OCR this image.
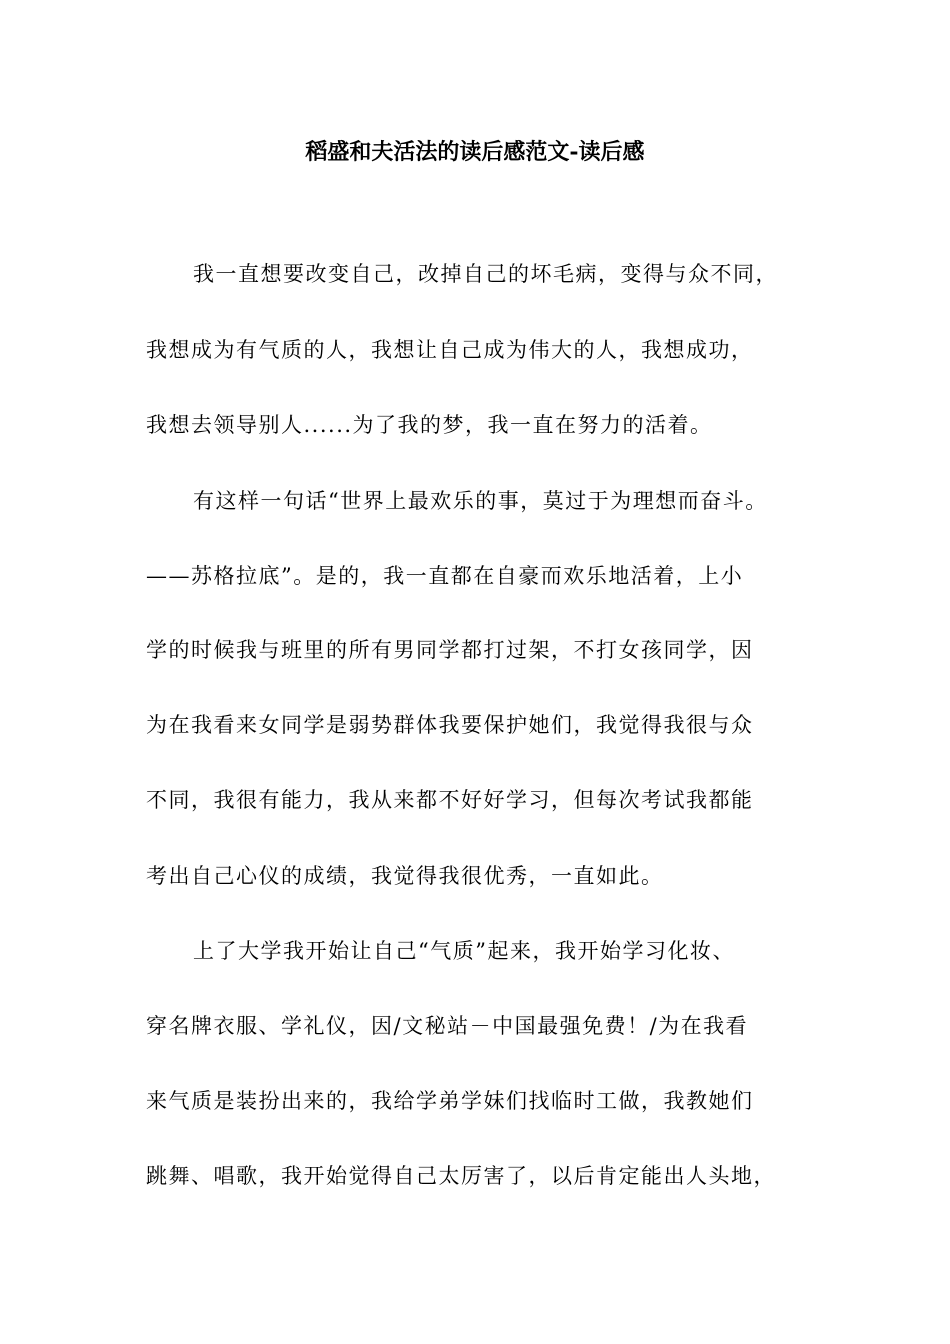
稻盛和夫活法的读后感范文-读后感
我一直想要改变自己，改掉自己的坏毛病，变得与众不同，
我想成为有气质的人，我想让自己成为伟大的人，我想成功，
我想去领导别人......为了我的梦，我一直在努力的活着。
有这样一句话“世界上最欢乐的事，莫过于为理想而奋斗。
——苏格拉底”。是的，我一直都在自豪而欢乐地活着，上小
学的时候我与班里的所有男同学都打过架，不打女孩同学，因
为在我看来女同学是弱势群体我要保护她们，我觉得我很与众
不同，我很有能力，我从来都不好好学习，但每次考试我都能
考出自己心仪的成绩，我觉得我很优秀，一直如此。
上了大学我开始让自己“气质”起来，我开始学习化妆、
穿名牌衣服、学礼仪，因/文秘站－中国最强免费！/为在我看
来气质是装扮出来的，我给学弟学妹们找临时工做，我教她们
跳舞、唱歌，我开始觉得自己太厉害了，以后肯定能出人头地，
